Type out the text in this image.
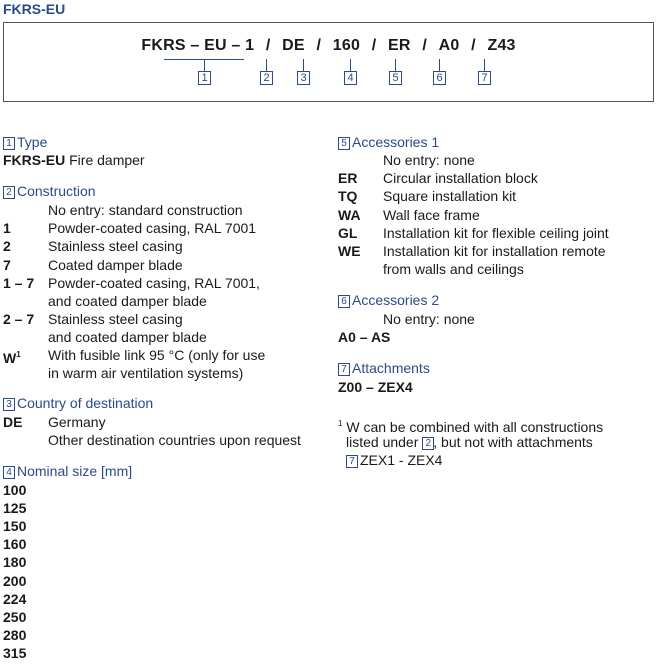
FKRS-EU
FKRS – EU – 1 / DE / 160 / ER / A0 / Z43
1	2	3	4	5	6	7
1 Type
FKRS-EU Fire damper
2 Construction
No entry: standard construction
1	Powder-coated casing, RAL 7001
2	Stainless steel casing
7	Coated damper blade
1 – 7 Powder-coated casing, RAL 7001,
and coated damper blade
2 – 7 Stainless steel casing
and coated damper blade
$W^1$ With fusible link 95 °C (only for use
in warm air ventilation systems)
3 Country of destination
DE Germany
Other destination countries upon request
4 Nominal size [mm]
100
125
150
160
180
200
224
250
280
315
5 Accessories 1
No entry: none
ER Circular installation block
TQ Square installation kit
WA Wall face frame
GL Installation kit for flexible ceiling joint
WE Installation kit for installation remote
from walls and ceilings
6 Accessories 2
No entry: none
A0 – AS
7 Attachments
Z00 – ZEX4
$^1$ W can be combined with all constructions
listed under 2 , but not with attachments
7 ZEX1 - ZEX4
